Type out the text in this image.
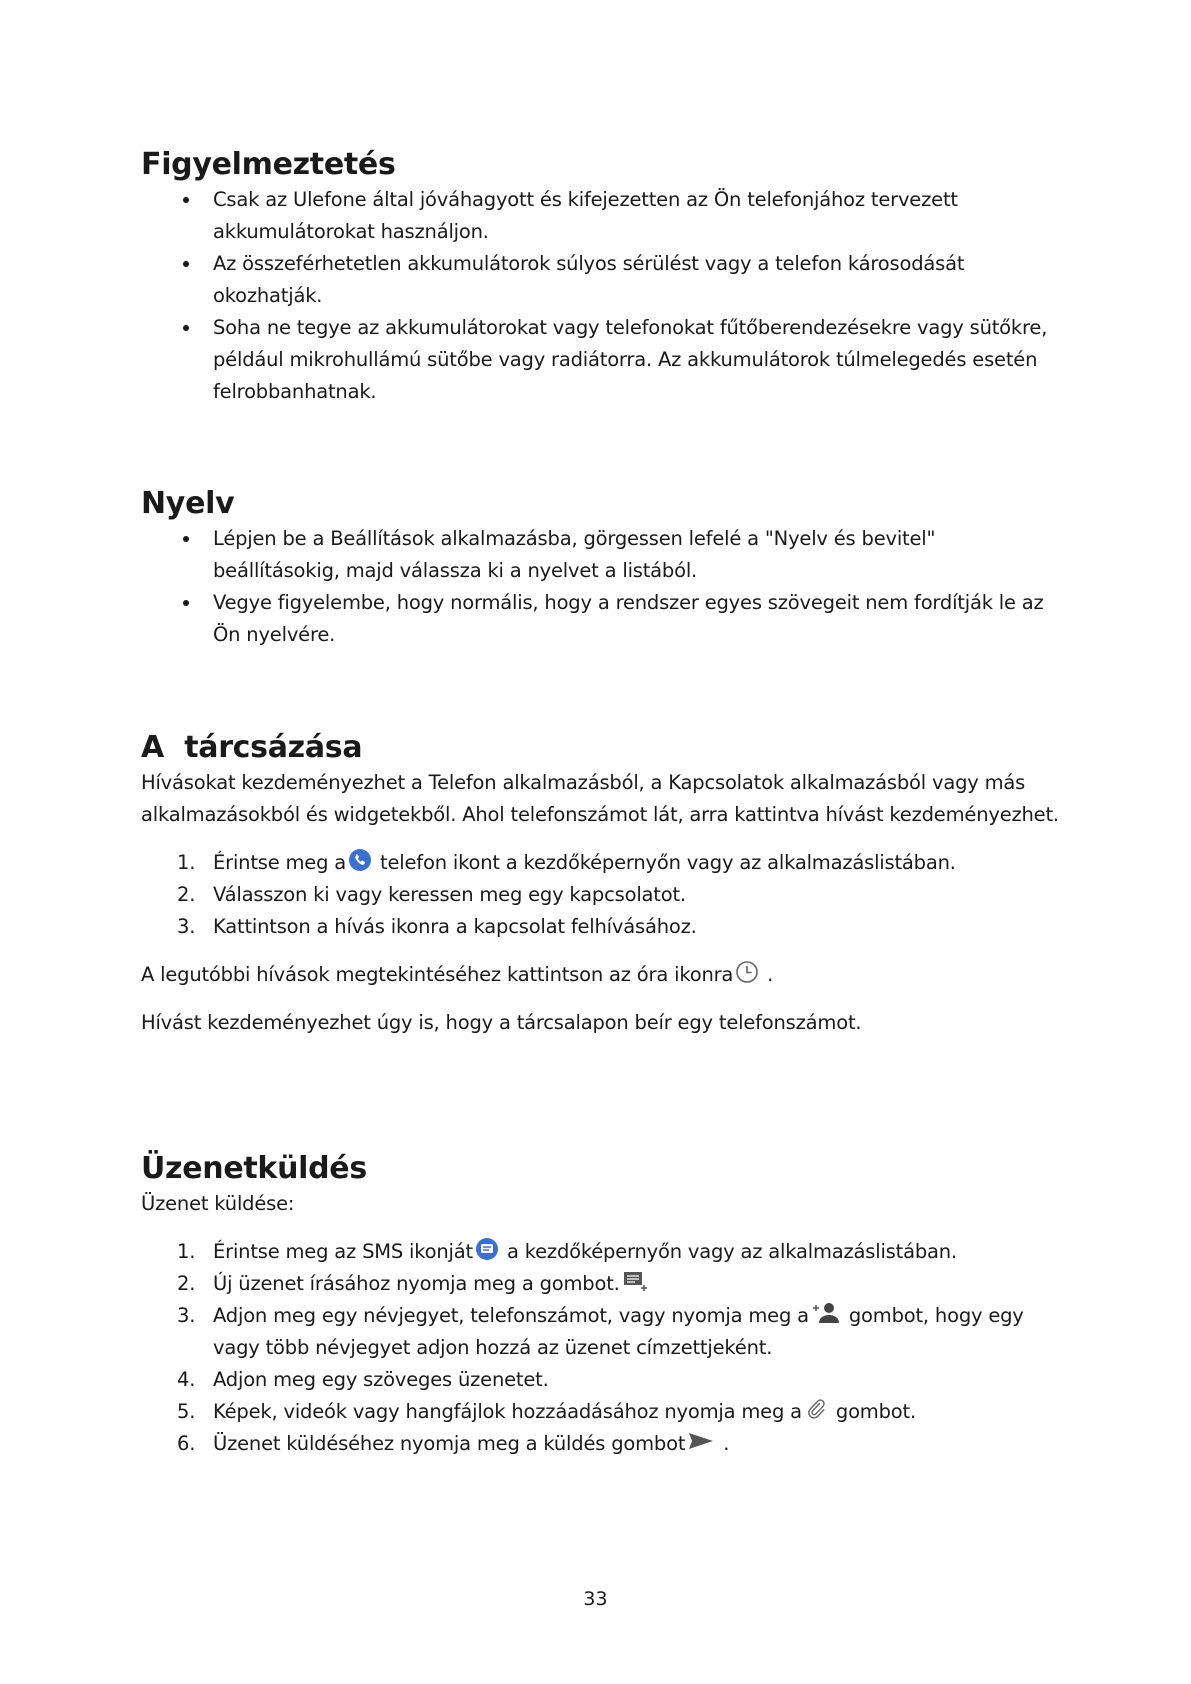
Figyelmeztetés
Csak az Ulefone által jóváhagyott és kifejezetten az Ön telefonjához tervezett akkumulátorokat használjon.
Az összeférhetetlen akkumulátorok súlyos sérülést vagy a telefon károsodását okozhatják.
Soha ne tegye az akkumulátorokat vagy telefonokat fűtőberendezésekre vagy sütőkre, például mikrohullámú sütőbe vagy radiátorra. Az akkumulátorok túlmelegedés esetén felrobbanhatnak.
Nyelv
Lépjen be a Beállítások alkalmazásba, görgessen lefelé a "Nyelv és bevitel" beállításokig, majd válassza ki a nyelvet a listából.
Vegye figyelembe, hogy normális, hogy a rendszer egyes szövegeit nem fordítják le az Ön nyelvére.
A  tárcsázása

Hívásokat kezdeményezhet a Telefon alkalmazásból, a Kapcsolatok alkalmazásból vagy más alkalmazásokból és widgetekből. Ahol telefonszámot lát, arra kattintva hívást kezdeményezhet.

1. Érintse meg a
telefon ikont a kezdőképernyőn vagy az alkalmazáslistában.
2. Válasszon ki vagy keressen meg egy kapcsolatot.
3. Kattintson a hívás ikonra a kapcsolat felhívásához.

A legutóbbi hívások megtekintéséhez kattintson az óra ikonra
.

Hívást kezdeményezhet úgy is, hogy a tárcsalapon beír egy telefonszámot.

Üzenetküldés

Üzenet küldése:

1. Érintse meg az SMS ikonját
a kezdőképernyőn vagy az alkalmazáslistában.
2. Új üzenet írásához nyomja meg a gombot.
3. Adjon meg egy névjegyet, telefonszámot, vagy nyomja meg a
gombot, hogy egy vagy több névjegyet adjon hozzá az üzenet címzettjeként.
4. Adjon meg egy szöveges üzenetet.
5. Képek, videók vagy hangfájlok hozzáadásához nyomja meg a
gombot.
6. Üzenet küldéséhez nyomja meg a küldés gombot
.
33
